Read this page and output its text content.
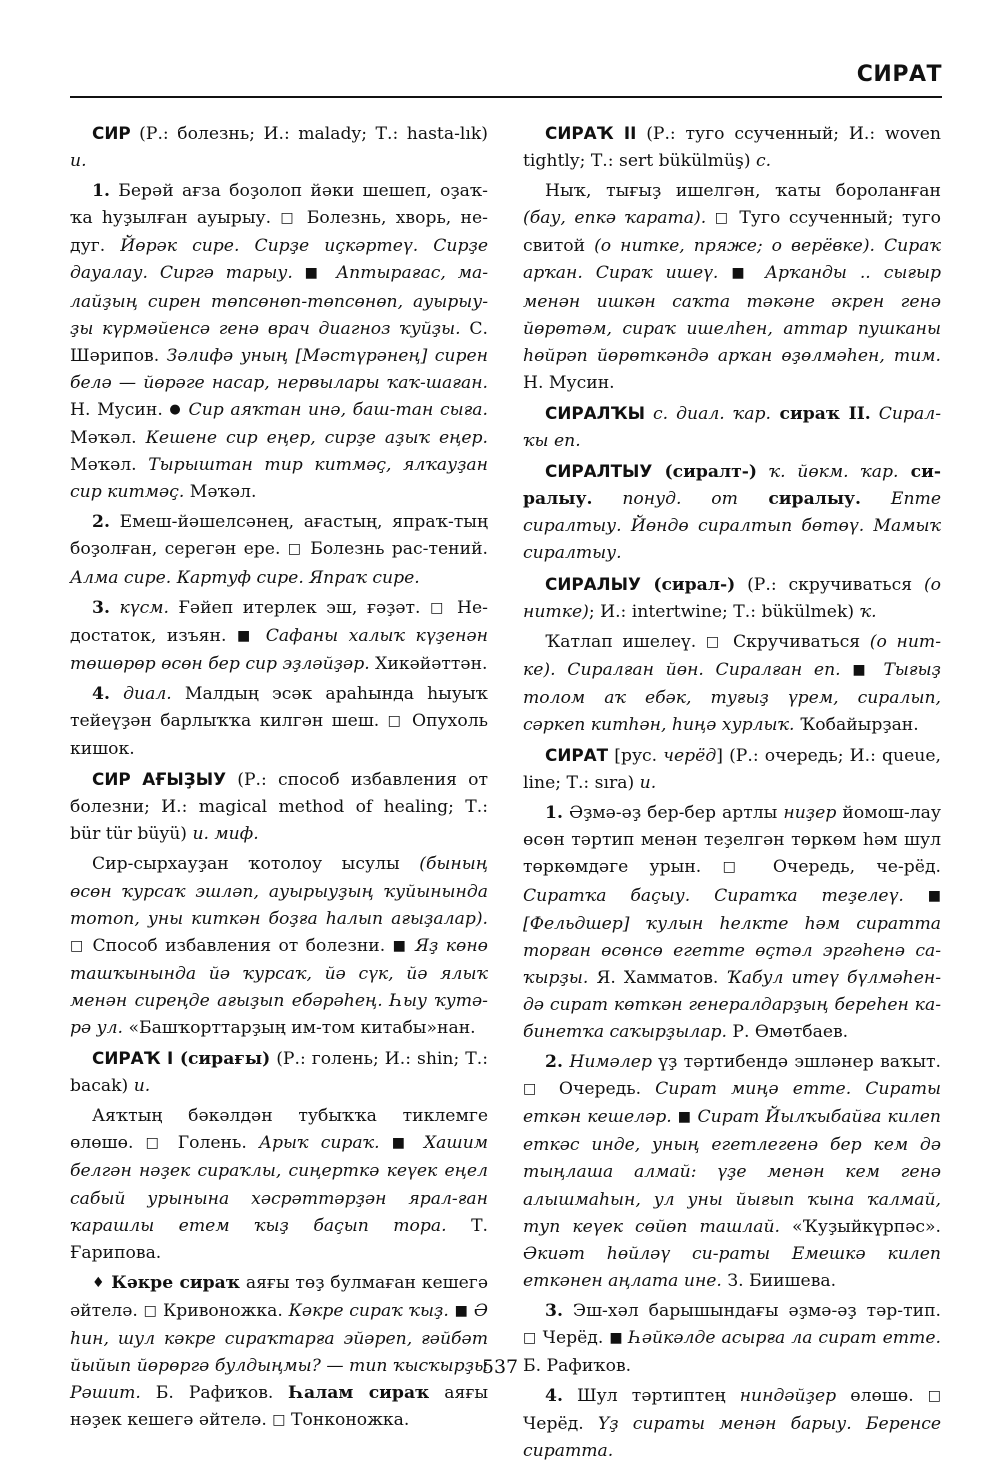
СИРАТ

СИР (Р.: болезнь; И.: malady; Т.: hasta-lık) и.

1. Берәй ағза боҙолоп йәки шешеп, оҙаҡ-ҡа һуҙылған ауырыу. □ Болезнь, хворь, не-дуг. Йөрәк сире. Сирҙе иҫкәртеү. Сирҙе дауалау. Сиргә тарыу. ■ Аптырағас, ма-лайҙың сирен төпсөнөп-төпсөнөп, ауырыу-ҙы күрмәйенсә генә врач диагноз ҡуйҙы. С. Шәрипов. Зәлифә уның [Мәстүрәнең] сирен белә — йөрәге насар, нервылары ҡаҡ-шаған. Н. Мусин. ● Сир аяҡтан инә, баш-тан сыға. Мәҡәл. Кешене сир еңер, сирҙе аҙыҡ еңер. Мәҡәл. Тырыштан тир китмәҫ, ялҡауҙан сир китмәҫ. Мәҡәл.

2. Емеш-йәшелсәнең, ағастың, япраҡ-тың боҙолған, серегән ере. □ Болезнь рас-тений. Алма сире. Картуф сире. Япраҡ сире.

3. күсм. Ғәйеп итерлек эш, ғәҙәт. □ Не-достаток, изъян. ■ Сафаны халыҡ күҙенән төшөрөр өсөн бер сир эҙләйҙәр. Хикәйәттән.

4. диал. Малдың эсәк араһында һыуыҡ тейеүҙән барлыҡҡа килгән шеш. □ Опухоль кишок.

СИР АҒЫҘЫУ (Р.: способ избавления от болезни; И.: magical method of healing; Т.: bür tür büyü) и. миф.

Сир-сырхауҙан ҡотолоу ысулы (бының өсөн ҡурсаҡ эшләп, ауырыуҙың ҡуйынында тотоп, уны киткән боҙға һалып ағыҙалар). □ Способ избавления от болезни. ■ Яҙ көнө ташҡынында йә ҡурсаҡ, йә сүк, йә ялыҡ менән сиреңде ағыҙып ебәрәһең. Һыу ҡутә-рә ул. «Башҡорттарҙың им-том китабы»нан.

СИРАҠ I (сирағы) (Р.: голень; И.: shin; Т.: bacak) и.

Аяҡтың бәкәлдән тубыҡҡа тиклемге өлөшө. □ Голень. Арыҡ сираҡ. ■ Хашим белгән нәҙек сираҡлы, сиңерткә кеүек еңел сабый урынына хәсрәттәрҙән ярал-ған ҡарашлы етем ҡыҙ баҫып тора. Т. Ғарипова.

♦ Кәкре сираҡ аяғы төҙ булмаған кешегә әйтелә. □ Кривоножка. Кәкре сираҡ ҡыҙ. ■ Ә һин, шул кәкре сираҡтарға эйәреп, ғәйбәт йыйып йөрөргә булдыңмы? — тип ҡысҡырҙы Рәшит. Б. Рафиҡов. Һалам сираҡ аяғы нәҙек кешегә әйтелә. □ Тонконожка.

СИРАҠ II (Р.: туго ссученный; И.: woven tightly; Т.: sert bükülmüş) с.

Ныҡ, тығыҙ ишелгән, ҡаты бороланған (бау, епкә ҡарата). □ Туго ссученный; туго свитой (о нитке, пряже; о верёвке). Сираҡ арҡан. Сираҡ ишеү. ■ Арҡанды .. сығыр менән ишкән саҡта тәкәне әкрен генә йөрөтәм, сираҡ ишелһен, аттар пушканы һөйрәп йөрөткәндә арҡан өҙөлмәһен, тим. Н. Мусин.

СИРАЛҠЫ с. диал. ҡар. сираҡ II. Сирал-ҡы еп.

СИРАЛТЫУ (сиралт-) ҡ. йөкм. ҡар. си-ралыу. понуд. от сиралыу. Епте сиралтыу. Йөндө сиралтып бөтөү. Мамыҡ сиралтыу.

СИРАЛЫУ (сирал-) (Р.: скручиваться (о нитке); И.: intertwine; Т.: bükülmek) ҡ.

Ҡатлап ишелеү. □ Скручиваться (о нит-ке). Сиралған йөн. Сиралған еп. ■ Тығыҙ толом аҡ ебәк, туғыҙ үрем, сиралып, сәркеп китһән, һиңә хурлыҡ. Ҡобайырҙан.

СИРАТ [рус. черёд] (Р.: очередь; И.: queue, line; Т.: sıra) и.

1. Әҙмә-әҙ бер-бер артлы ниҙер йомош-лау өсөн тәртип менән теҙелгән төркөм һәм шул төркөмдәге урын. □ Очередь, че-рёд. Сиратҡа баҫыу. Сиратҡа теҙелеү. ■ [Фельдшер] ҡулын һелкте һәм сиратта торған өсөнсө егетте өҫтәл эргәһенә са-ҡырҙы. Я. Хамматов. Ҡабул итеү бүлмәһен-дә сират көткән генералдарҙың береһен ка-бинетҡа саҡырҙылар. Р. Өмөтбаев.

2. Нимәлер үҙ тәртибендә эшләнер ваҡыт. □ Очередь. Сират миңә етте. Сираты еткән кешеләр. ■ Сират Йылҡыбайға килеп еткәс инде, уның егетлегенә бер кем дә тыңлаша алмай: үҙе менән кем генә алышмаһын, ул уны йығып ҡына ҡалмай, туп кеүек сөйөп ташлай. «Ҡуҙыйкүрпәс». Әкиәт һөйләү си-раты Емешкә килеп еткәнен аңлата ине. З. Биишева.

3. Эш-хәл барышындағы әҙмә-әҙ тәр-тип. □ Черёд. ■ Һәйкәлде асырға ла сират етте. Б. Рафиҡов.

4. Шул тәртиптең ниндәйҙер өлөшө. □ Черёд. Үҙ сираты менән барыу. Беренсе сиратта.

537
